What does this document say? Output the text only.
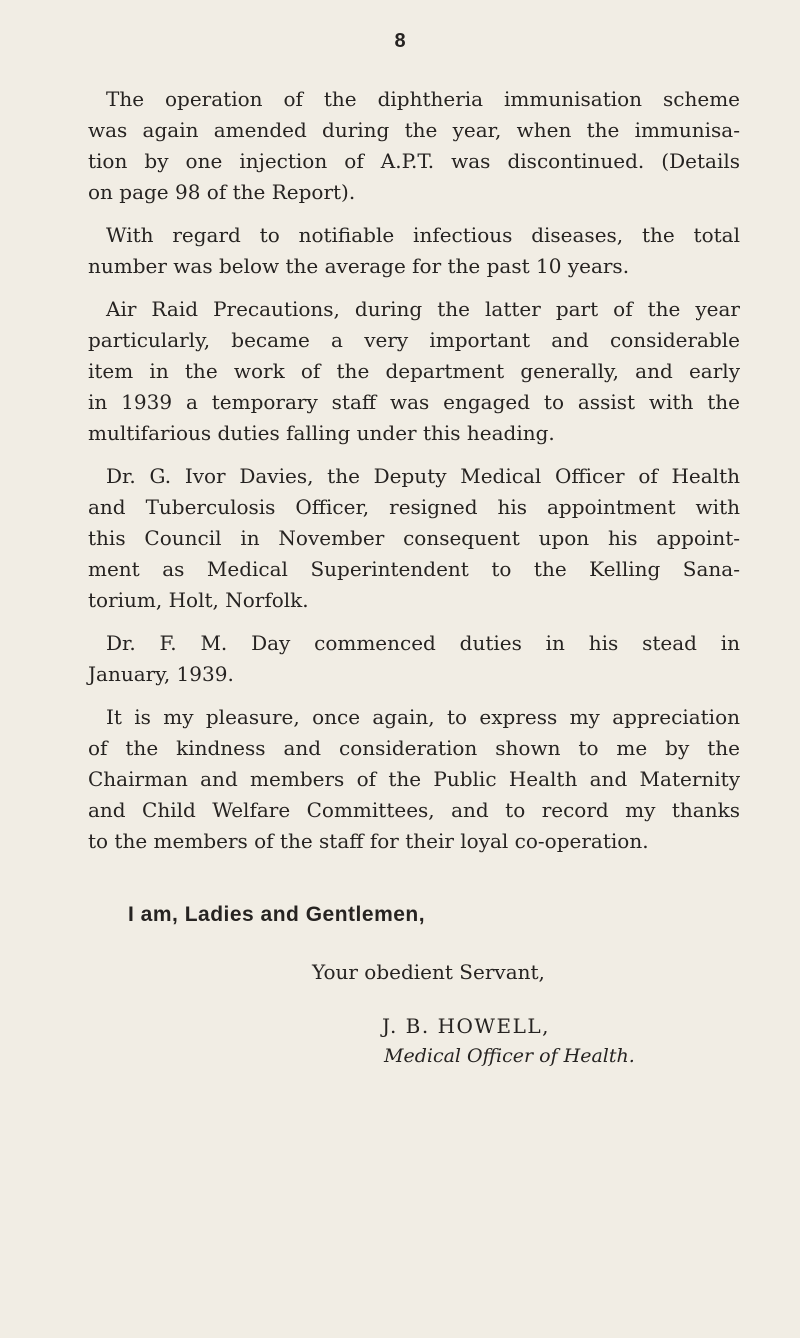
8

The operation of the diphtheria immunisation scheme
was again amended during the year, when the immunisa-
tion by one injection of A.P.T. was discontinued. (Details
on page 98 of the Report).

With regard to notifiable infectious diseases, the total
number was below the average for the past 10 years.

Air Raid Precautions, during the latter part of the year
particularly, became a very important and considerable
item in the work of the department generally, and early
in 1939 a temporary staff was engaged to assist with the
multifarious duties falling under this heading.

Dr. G. Ivor Davies, the Deputy Medical Officer of Health
and Tuberculosis Officer, resigned his appointment with
this Council in November consequent upon his appoint-
ment as Medical Superintendent to the Kelling Sana-
torium, Holt, Norfolk.

Dr. F. M. Day commenced duties in his stead in
January, 1939.

It is my pleasure, once again, to express my appreciation
of the kindness and consideration shown to me by the
Chairman and members of the Public Health and Maternity
and Child Welfare Committees, and to record my thanks
to the members of the staff for their loyal co-operation.

I am, Ladies and Gentlemen,
Your obedient Servant,
J. B. HOWELL,
Medical Officer of Health.
